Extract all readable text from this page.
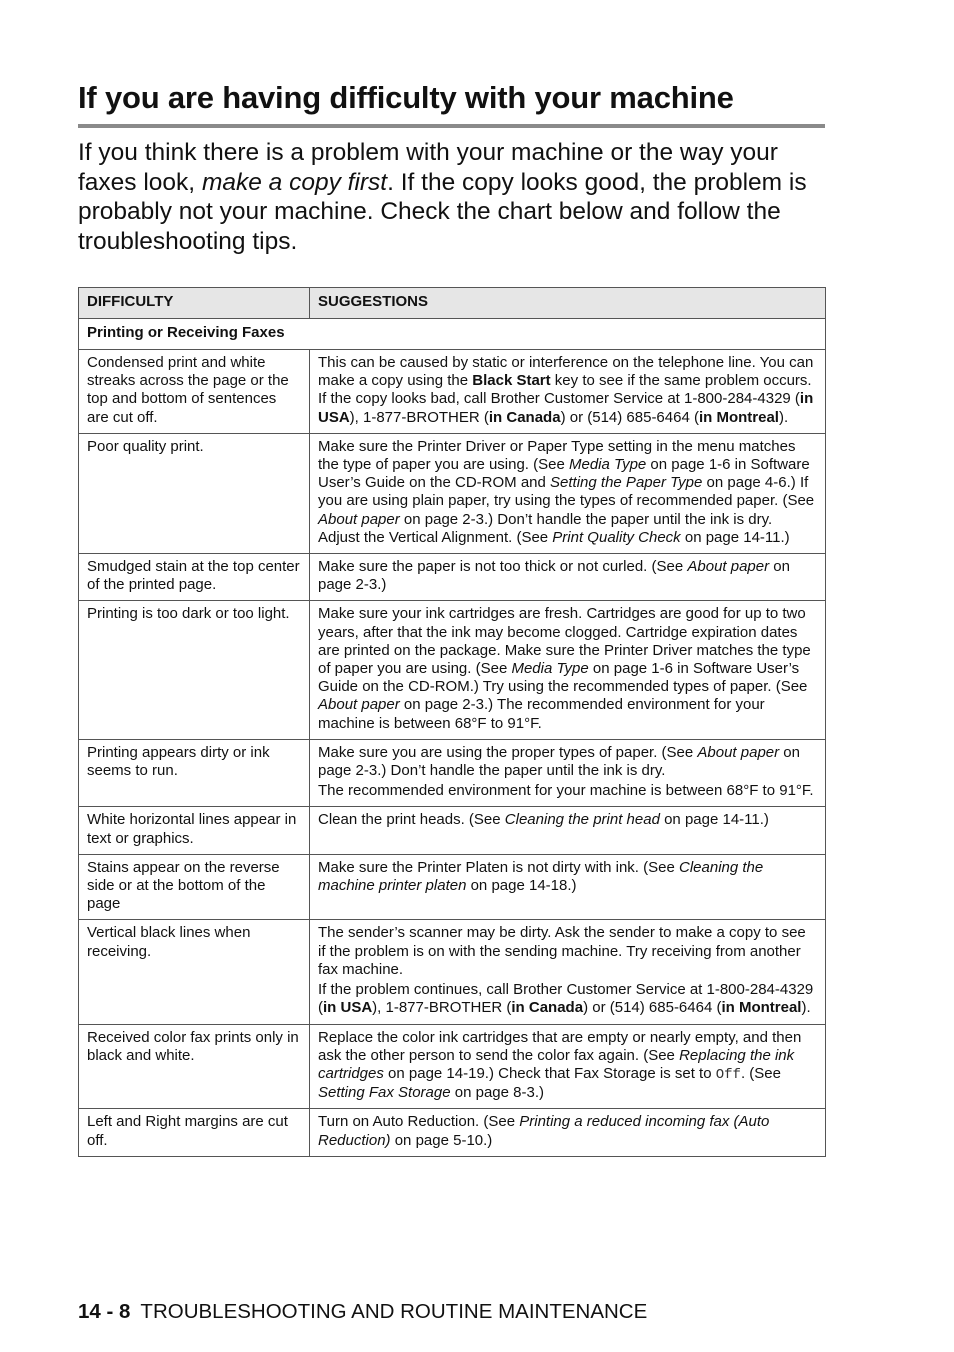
If you are having difficulty with your machine

If you think there is a problem with your machine or the way your faxes look, make a copy first. If the copy looks good, the problem is probably not your machine. Check the chart below and follow the troubleshooting tips.

DIFFICULTY	SUGGESTIONS
Printing or Receiving Faxes	
Condensed print and white streaks across the page or the top and bottom of sentences are cut off.	This can be caused by static or interference on the telephone line. You can make a copy using the Black Start key to see if the same problem occurs. If the copy looks bad, call Brother Customer Service at 1-800-284-4329 (in USA), 1-877-BROTHER (in Canada) or (514) 685-6464 (in Montreal).

Poor quality print.	Make sure the Printer Driver or Paper Type setting in the menu matches the type of paper you are using. (See Media Type on page 1-6 in Software User’s Guide on the CD-ROM and Setting the Paper Type on page 4-6.) If you are using plain paper, try using the types of recommended paper. (See About paper on page 2-3.) Don’t handle the paper until the ink is dry. Adjust the Vertical Alignment. (See Print Quality Check on page 14-11.)

Smudged stain at the top center of the printed page.	Make sure the paper is not too thick or not curled. (See About paper on page 2-3.)

Printing is too dark or too light.	Make sure your ink cartridges are fresh. Cartridges are good for up to two years, after that the ink may become clogged. Cartridge expiration dates are printed on the package. Make sure the Printer Driver matches the type of paper you are using. (See Media Type on page 1-6 in Software User’s Guide on the CD-ROM.) Try using the recommended types of paper. (See About paper on page 2-3.) The recommended environment for your machine is between 68°F to 91°F.

Printing appears dirty or ink seems to run.	Make sure you are using the proper types of paper. (See About paper on page 2-3.) Don’t handle the paper until the ink is dry.

The recommended environment for your machine is between 68°F to 91°F.

White horizontal lines appear in text or graphics.	Clean the print heads. (See Cleaning the print head on page 14-11.)

Stains appear on the reverse side or at the bottom of the page	Make sure the Printer Platen is not dirty with ink. (See Cleaning the machine printer platen on page 14-18.)

Vertical black lines when receiving.	The sender’s scanner may be dirty. Ask the sender to make a copy to see if the problem is on with the sending machine. Try receiving from another fax machine.

If the problem continues, call Brother Customer Service at 1-800-284-4329 (in USA), 1-877-BROTHER (in Canada) or (514) 685-6464 (in Montreal).

Received color fax prints only in black and white.	Replace the color ink cartridges that are empty or nearly empty, and then ask the other person to send the color fax again. (See Replacing the ink cartridges on page 14-19.) Check that Fax Storage is set to Off. (See Setting Fax Storage on page 8-3.)

Left and Right margins are cut off.	Turn on Auto Reduction. (See Printing a reduced incoming fax (Auto Reduction) on page 5-10.)

14 - 8 TROUBLESHOOTING AND ROUTINE MAINTENANCE
